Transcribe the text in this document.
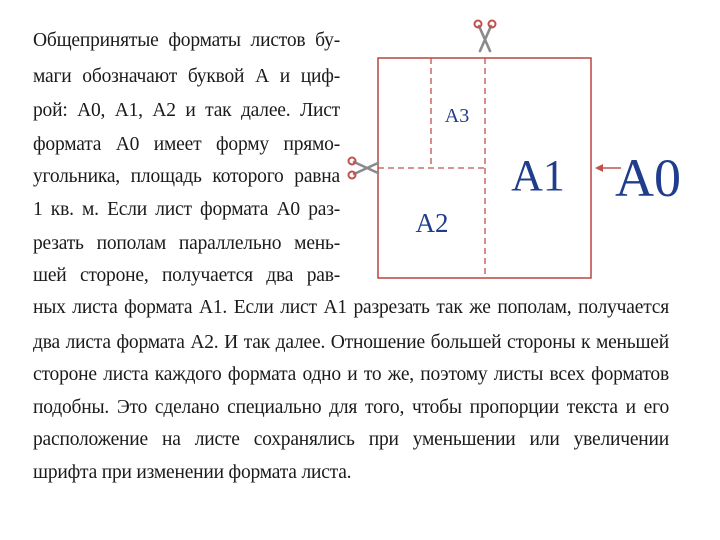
Общепринятые форматы листов бу-
маги обозначают буквой А и циф-
рой: А0, А1, А2 и так далее. Лист
формата А0 имеет форму прямо-
угольника, площадь которого равна
1 кв. м. Если лист формата А0 раз-
резать пополам параллельно мень-
шей стороне, получается два рав-
ных листа формата А1. Если лист А1 разрезать так же пополам, получается
два листа формата А2. И так далее. Отношение большей стороны к меньшей
стороне листа каждого формата одно и то же, поэтому листы всех форматов
подобны. Это сделано специально для того, чтобы пропорции текста и его
расположение на листе сохранялись при уменьшении или увеличении
шрифта при изменении формата листа.
А3
А2
А1 А0
